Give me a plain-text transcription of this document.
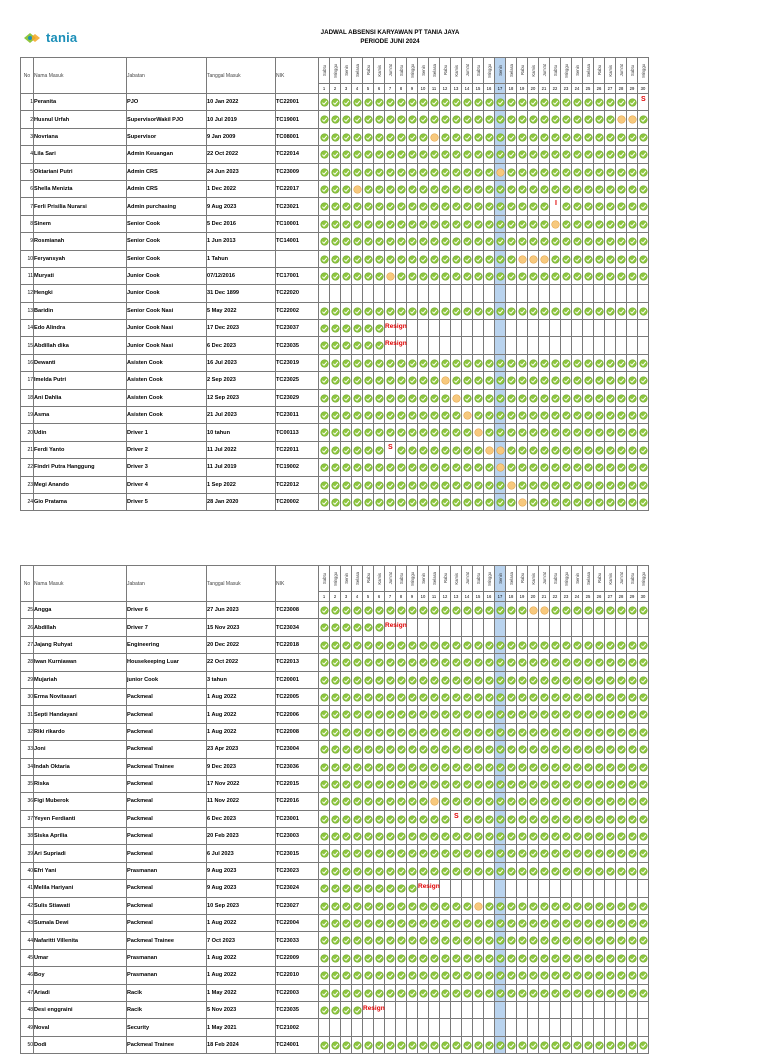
tania	JADWAL ABSENSI KARYAWAN PT TANIA JAYA
PERIODE JUNI 2024
No	Nama Masuk	Jabatan	Tanggal Masuk	NIK	Sabtu	Minggu	Senin	Selasa	Rabu	Kamis	Jum'at	Sabtu	Minggu	Senin	Selasa	Rabu	Kamis	Jum'at	Sabtu	Minggu	Senin	Selasa	Rabu	Kamis	Jum'at	Sabtu	Minggu	Senin	Selasa	Rabu	Kamis	Jum'at	Sabtu	Minggu

					1	2	3	4	5	6	7	8	9	10	11	12	13	14	15	16	17	18	19	20	21	22	23	24	25	26	27	28	29	30
1	Peranita	PJO	10 Jan 2022	TC22001																														S

2	Husnul Urfah	SupervisorWakil PJO	10 Jul 2019	TC19001	

3	Novriana	Supervisor	9 Jan 2009	TC08001	

4	Lila Sari	Admin Keuangan	22 Oct 2022	TC22014	

5	Oktariani Putri	Admin CRS	24 Jun 2023	TC23009	

6	Shella Menizta	Admin CRS	1 Dec 2022	TC22017	

7	Ferli Prisilia Nurarsi	Admin purchasing	9 Aug 2023	TC23021																						I

8	Sinem	Senior Cook	5 Dec 2016	TC10001	

9	Rosmianah	Senior Cook	1 Jun 2013	TC14001	

10	Feryansyah	Senior Cook	1 Tahun		

11	Muryati	Junior Cook	07/12/2016	TC17001	

12	Hengki	Junior Cook	31 Dec 1899	TC22020																														
13	Baridin	Senior Cook Nasi	5 May 2022	TC22002	

14	Edo Alindra	Junior Cook Nasi	17 Dec 2023	TC23037							Resign																							

15	Abdillah dika	Junior Cook Nasi	6 Dec 2023	TC23035							Resign																							

16	Dewanti	Asisten Cook	16 Jul 2023	TC23019	

17	Imelda Putri	Asisten Cook	2 Sep 2023	TC23025	

18	Ani Dahlia	Asisten Cook	12 Sep 2023	TC23029	

19	Asma	Asisten Cook	21 Jul 2023	TC23011	

20	Udin	Driver 1	10 tahun	TC00113	

21	Ferdi Yanto	Driver 2	11 Jul 2022	TC22011							S

22	Findri Putra Hanggung	Driver 3	11 Jul 2019	TC19002	

23	Megi Anando	Driver 4	1 Sep 2022	TC22012	

24	Gio Pratama	Driver 5	28 Jan 2020	TC20002	

No	Nama Masuk	Jabatan	Tanggal Masuk	NIK	Sabtu	Minggu	Senin	Selasa	Rabu	Kamis	Jum'at	Sabtu	Minggu	Senin	Selasa	Rabu	Kamis	Jum'at	Sabtu	Minggu	Senin	Selasa	Rabu	Kamis	Jum'at	Sabtu	Minggu	Senin	Selasa	Rabu	Kamis	Jum'at	Sabtu	Minggu

					1	2	3	4	5	6	7	8	9	10	11	12	13	14	15	16	17	18	19	20	21	22	23	24	25	26	27	28	29	30
25	Angga	Driver 6	27 Jun 2023	TC23008	

26	Abdillah	Driver 7	15 Nov 2023	TC23034							Resign																							

27	Jajang Ruhyat	Engineering	20 Dec 2022	TC22018	

28	Iwan Kurniawan	Housekeeping Luar	22 Oct 2022	TC22013	

29	Mujariah	junior Cook	3 tahun	TC20001	

30	Erma Novitasari	Packmeal	1 Aug 2022	TC22005	

31	Septi Handayani	Packmeal	1 Aug 2022	TC22006	

32	Riki rikardo	Packmeal	1 Aug 2022	TC22008	

33	Joni	Packmeal	23 Apr 2023	TC23004	

34	Indah Oktaria	Packmeal Trainee	9 Dec 2023	TC23036	

35	Riska	Packmeal	17 Nov 2022	TC22015	

36	Figi Muberok	Packmeal	11 Nov 2022	TC22016	

37	Yeyen Ferdianti	Packmeal	6 Dec 2023	TC23001													S

38	Siska Aprilia	Packmeal	20 Feb 2023	TC23003	

39	Ari Supriadi	Packmeal	6 Jul 2023	TC23015	

40	Efri Yani	Prasmanan	9 Aug 2023	TC23023	

41	Melila Hariyani	Packmeal	9 Aug 2023	TC23024										Resign																				

42	Sulis Stiawati	Packmeal	10 Sep 2023	TC23027	

43	Sumala Dewi	Packmeal	1 Aug 2022	TC22004	

44	Nafaritti Villenita	Packmeal Trainee	7 Oct 2023	TC23033	

45	Umar	Prasmanan	1 Aug 2022	TC22009	

46	Boy	Prasmanan	1 Aug 2022	TC22010	

47	Ariadi	Racik	1 May 2022	TC22003	

48	Desi enggraini	Racik	5 Nov 2023	TC23035					Resign																									

49	Noval	Security	1 May 2021	TC21002																														
50	Dodi	Packmeal Trainee	18 Feb 2024	TC24001	
